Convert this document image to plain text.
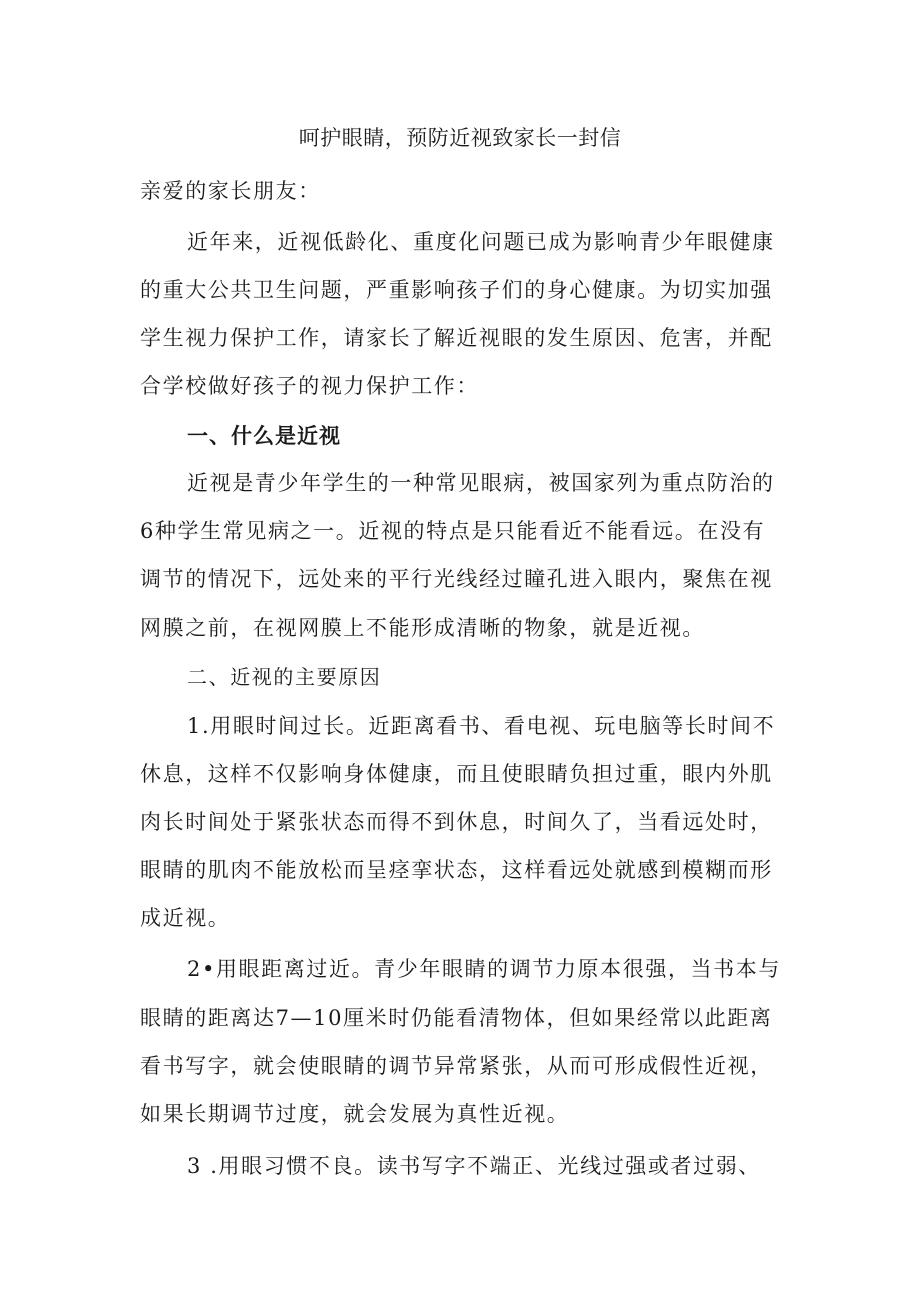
呵护眼睛，预防近视致家长一封信
亲爱的家长朋友：
近年来，近视低龄化、重度化问题已成为影响青少年眼健康
的重大公共卫生问题，严重影响孩子们的身心健康。为切实加强
学生视力保护工作，请家长了解近视眼的发生原因、危害，并配
合学校做好孩子的视力保护工作：
一、什么是近视
近视是青少年学生的一种常见眼病，被国家列为重点防治的
6种学生常见病之一。近视的特点是只能看近不能看远。在没有
调节的情况下，远处来的平行光线经过瞳孔进入眼内，聚焦在视
网膜之前，在视网膜上不能形成清晰的物象，就是近视。
二、近视的主要原因
1.用眼时间过长。近距离看书、看电视、玩电脑等长时间不
休息，这样不仅影响身体健康，而且使眼睛负担过重，眼内外肌
肉长时间处于紧张状态而得不到休息，时间久了，当看远处时，
眼睛的肌肉不能放松而呈痉挛状态，这样看远处就感到模糊而形
成近视。
2•用眼距离过近。青少年眼睛的调节力原本很强，当书本与
眼睛的距离达7—10厘米时仍能看清物体，但如果经常以此距离
看书写字，就会使眼睛的调节异常紧张，从而可形成假性近视，
如果长期调节过度，就会发展为真性近视。
3 .用眼习惯不良。读书写字不端正、光线过强或者过弱、
